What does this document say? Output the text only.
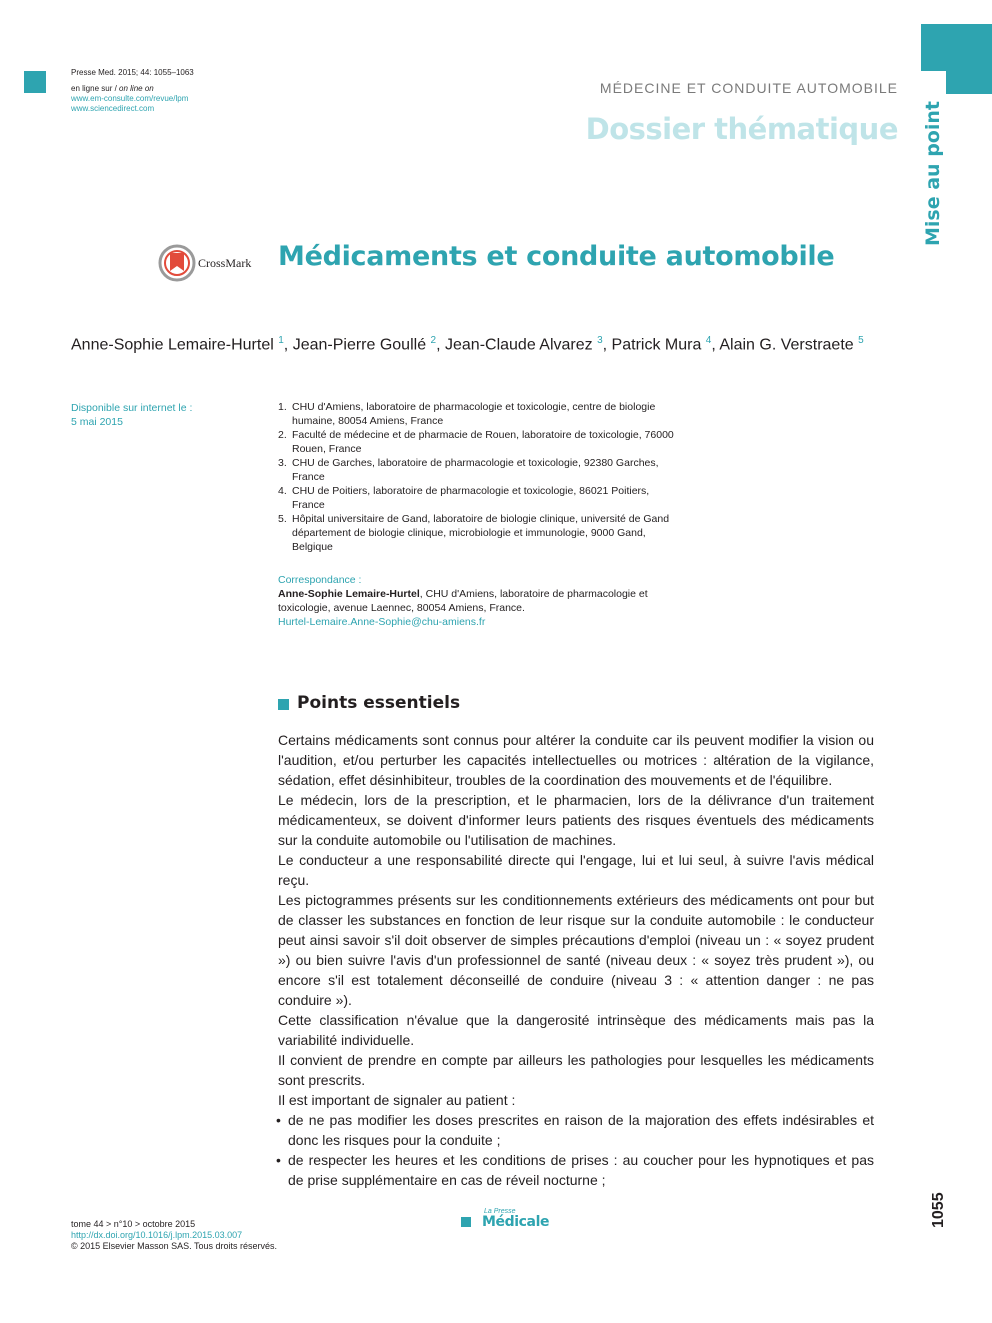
Presse Med. 2015; 44: 1055–1063
en ligne sur / on line on
www.em-consulte.com/revue/lpm
www.sciencedirect.com
MÉDECINE ET CONDUITE AUTOMOBILE
Dossier thématique Mise au point
CrossMark Médicaments et conduite automobile
Anne-Sophie Lemaire-Hurtel $^1$, Jean-Pierre Goullé $^2$, Jean-Claude Alvarez $^3$, Patrick Mura $^4$, Alain G. Verstraete $^5$
Disponible sur internet le :
5 mai 2015
1. CHU d'Amiens, laboratoire de pharmacologie et toxicologie, centre de biologie humaine, 80054 Amiens, France
2. Faculté de médecine et de pharmacie de Rouen, laboratoire de toxicologie, 76000 Rouen, France
3. CHU de Garches, laboratoire de pharmacologie et toxicologie, 92380 Garches, France
4. CHU de Poitiers, laboratoire de pharmacologie et toxicologie, 86021 Poitiers, France
5. Hôpital universitaire de Gand, laboratoire de biologie clinique, université de Gand département de biologie clinique, microbiologie et immunologie, 9000 Gand, Belgique
Correspondance :
Anne-Sophie Lemaire-Hurtel, CHU d'Amiens, laboratoire de pharmacologie et toxicologie, avenue Laennec, 80054 Amiens, France.
Hurtel-Lemaire.Anne-Sophie@chu-amiens.fr
Points essentiels

Certains médicaments sont connus pour altérer la conduite car ils peuvent modifier la vision ou l'audition, et/ou perturber les capacités intellectuelles ou motrices : altération de la vigilance, sédation, effet désinhibiteur, troubles de la coordination des mouvements et de l'équilibre.

Le médecin, lors de la prescription, et le pharmacien, lors de la délivrance d'un traitement médicamenteux, se doivent d'informer leurs patients des risques éventuels des médicaments sur la conduite automobile ou l'utilisation de machines.

Le conducteur a une responsabilité directe qui l'engage, lui et lui seul, à suivre l'avis médical reçu.

Les pictogrammes présents sur les conditionnements extérieurs des médicaments ont pour but de classer les substances en fonction de leur risque sur la conduite automobile : le conducteur peut ainsi savoir s'il doit observer de simples précautions d'emploi (niveau un : « soyez prudent ») ou bien suivre l'avis d'un professionnel de santé (niveau deux : « soyez très prudent »), ou encore s'il est totalement déconseillé de conduire (niveau 3 : « attention danger : ne pas conduire »).

Cette classification n'évalue que la dangerosité intrinsèque des médicaments mais pas la variabilité individuelle.

Il convient de prendre en compte par ailleurs les pathologies pour lesquelles les médicaments sont prescrits.

Il est important de signaler au patient :

• de ne pas modifier les doses prescrites en raison de la majoration des effets indésirables et donc les risques pour la conduite ;
• de respecter les heures et les conditions de prises : au coucher pour les hypnotiques et pas de prise supplémentaire en cas de réveil nocturne ;
tome 44 > n°10 > octobre 2015
http://dx.doi.org/10.1016/j.lpm.2015.03.007
© 2015 Elsevier Masson SAS. Tous droits réservés.
La Presse
Médicale	1055
